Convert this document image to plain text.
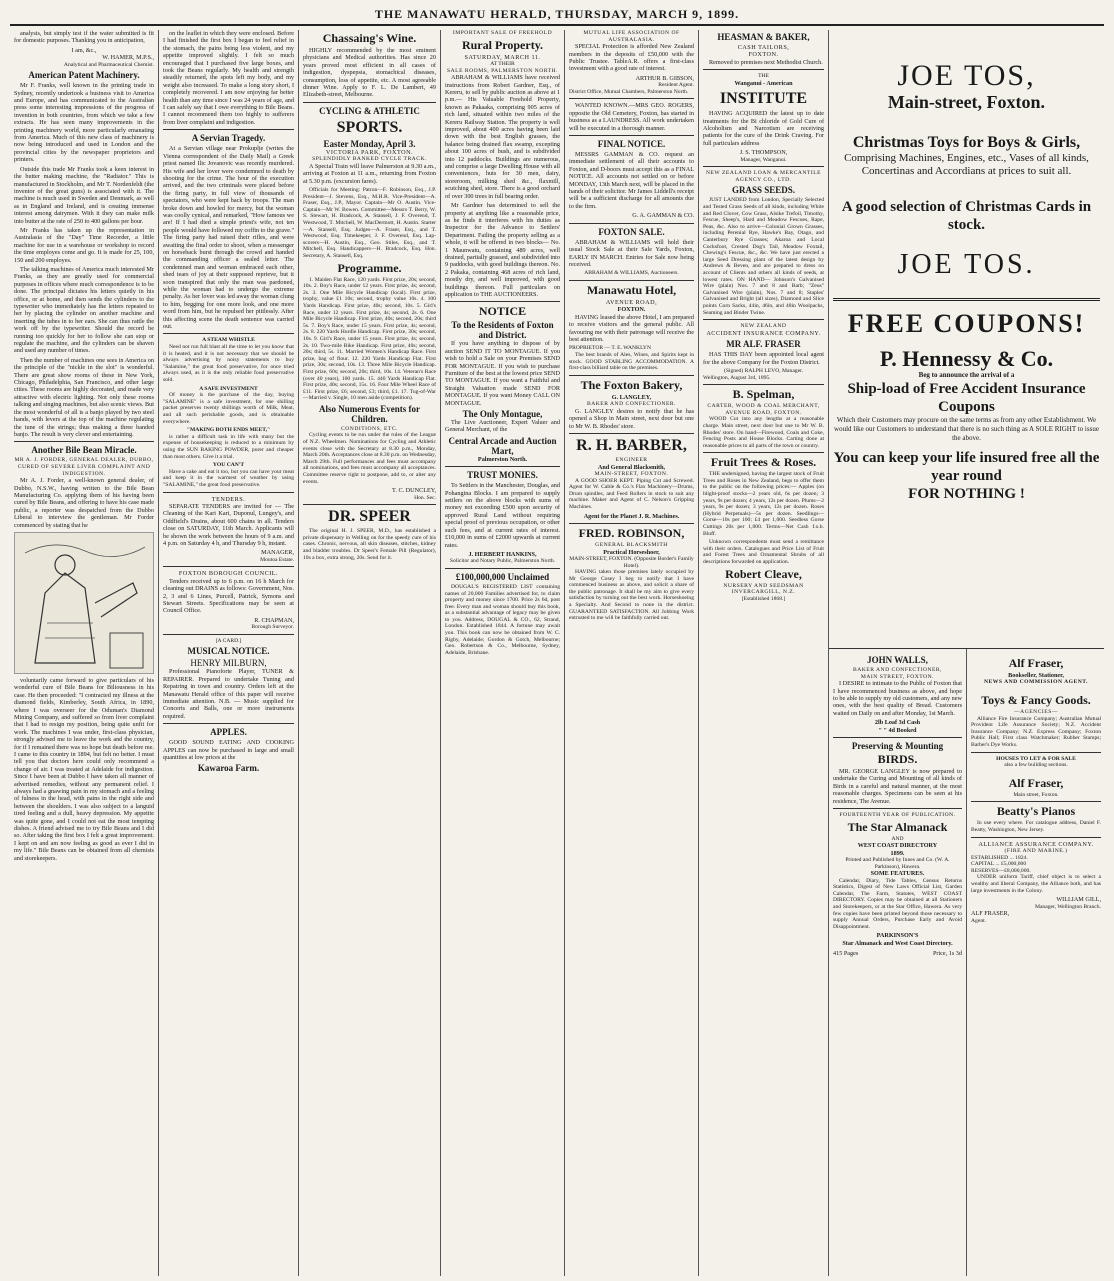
THE MANAWATU HERALD, THURSDAY, MARCH 9, 1899.

analysis, but simply test if the water submitted is fit for domestic purposes. Thanking you in anticipation,

I am, &c.,

W. HAMER, M.P.S.,

Analytical and Pharmaceutical Chemist.

American Patent Machinery.

Mr F. Franks, well known in the printing trade in Sydney, recently undertook a business visit to America and Europe, and has communicated to the Australian press some interesting impressions of the progress of invention in both countries, from which we take a few extracts. He has seen many improvements in the printing machinery world, more particularly emanating from America. Much of this new class of machinery is now being introduced and used in London and the provincial cities by the newspaper proprietors and printers.

Outside this trade Mr Franks took a keen interest in the butter making machine, the "Radiator." This is manufactured in Stockholm, and Mr T. Nordenfeldt (the inventor of the great guns) is associated with it. The machine is much used in Sweden and Denmark, as well as in England and Ireland, and is creating immense interest among dairymen. With it they can make milk into butter at the rate of 250 to 400 gallons per hour.

Mr Franks has taken up the representation in Australasia of the "Day" Time Recorder, a little machine for use in a warehouse or workshop to record the time employes come and go. It is made for 25, 100, 150 and 200 employes.

The talking machines of America much interested Mr Franks, as they are greatly used for commercial purposes in offices where much correspondence is to be done. The principal dictates his letters quietly in his office, or at home, and then sends the cylinders to the typewriter who immediately has the letters repeated to her by placing the cylinder on another machine and inserting the tubes in to her ears. She can thus rattle the work off by the typewriter. Should the record be running too quickly for her to follow she can stop or regulate the machine, and the cylinders can be shaven and used any number of times.

Then the number of machines one sees in America on the principle of the "nickle in the slot" is wonderful. There are great show rooms of these in New York, Chicago, Philadelphia, San Francisco, and other large cities. These rooms are highly decorated, and made very attractive with electric lighting. Not only these rooms talking and singing machines, but also scenic views. But the most wonderful of all is a banjo played by two steel hands, with levers at the top of the machine regulating the tune of the strings; thus making a three banded banjo. The result is very clever and entertaining.

Another Bile Bean Miracle.

MR A. J. FORDER, GENERAL DEALER, DUBBO, CURED OF SEVERE LIVER COMPLAINT AND INDIGESTION.

Mr A. J. Forder, a well-known general dealer, of Dubbo, N.S.W., having written to the Bile Bean Manufacturing Co. applying them of his having been cured by Bile Beans, and offering to have his case made public, a reporter was despatched from the Dubbo Liberal to interview the gentleman. Mr Forder commenced by stating that he

voluntarily came forward to give particulars of his wonderful cure of Bile Beans for Biliousness in his case. He then proceeded: "I contracted my illness at the diamond fields, Kimberley, South Africa, in 1890, where I was overseer for the Oduman's Diamond Mining Company, and suffered so from liver complaint that I had to resign my position, being quite unfit for work. The machines I was under, first-class physician, strongly advised me to leave the work and the country, for if I remained there was no hope but death before me. I came to this country in 1894, but felt no better. I must tell you that doctors here could only recommend a change of air. I was treated at Adelaide for indigestion. Since I have been at Dubbo I have taken all manner of advertised remedies, without any permanent relief. I always had a gnawing pain in my stomach and a feeling of fulness in the head, with pains in the right side and between the shoulders. I was also subject to a languid tired feeling and a dull, heavy depression. My appetite was quite gone, and I could not eat the most tempting dishes. A friend advised me to try Bile Beans and I did so. After taking the first box I felt a great improvement. I kept on and am now feeling as good as ever I did in my life." Bile Beans can be obtained from all chemists and storekeepers.

on the leaflet in which they were enclosed. Before I had finished the first box I began to feel relief in the stomach, the pains being less violent, and my appetite improved slightly. I felt so much encouraged that I purchased five large boxes, and took the Beans regularly. My health and strength steadily returned, the spots left my body, and my weight also increased. To make a long story short, I completely recovered. I am now enjoying far better health than any time since I was 24 years of age, and I can safely say that I owe everything to Bile Beans. I cannot recommend them too highly to sufferers from liver complaint and indigestion.

A Servian Tragedy.

At a Servian village near Prokuplje (writes the Vienna correspondent of the Daily Mail) a Greek priest named Ilic Jovanovic was recently murdered. His wife and her lover were condemned to death by shooting for the crime. The hour of the execution arrived, and the two criminals were placed before the firing party, in full view of thousands of spectators, who were kept back by troops. The man broke down and howled for mercy, but the woman was coolly cynical, and remarked, "How famous we are! If I had died a simple priest's wife, not ten people would have followed my coffin to the grave." The firing party had raised their rifles, and were awaiting the final order to shoot, when a messenger on horseback burst through the crowd and handed the commanding officer a sealed letter. The condemned man and woman embraced each other, shed tears of joy at their supposed reprieve, but it soon transpired that only the man was pardoned, while the woman had to undergo the extreme penalty. As her lover was led away the woman clung to him, begging for one more look, and one more word from him, but he repulsed her pitilessly. After this affecting scene the death sentence was carried out.

A STEAM WHISTLE

Need not run full blast all the time to let you know that it is heated, and it is not necessary that we should be always advertising by noisy statements to buy "Salamine," the great food preservative, for once tried always used, as it is the only reliable food preservative sold.

A SAFE INVESTMENT

Of money is the purchase of the day, buying "SALAMINE" is a safe investment, for one shilling packet preserves twenty shillings worth of Milk, Meat, and all such perishable goods, and is obtainable everywhere.

"MAKING BOTH ENDS MEET,"

is rather a difficult task in life with many but the expense of housekeeping is reduced to a minimum by using the SUN BAKING POWDER, purer and cheaper than most others. Give it a trial.

YOU CAN'T

Have a cake and eat it too, but you can have your meat and keep it in the warmest of weather by using "SALAMINE," the great food preservative.

TENDERS.

SEPARATE TENDERS are invited for — The Cleaning of the Kari Kari, Duponul, Lungey's, and Oddfield's Drains, about 600 chains in all. Tenders close on SATURDAY, 11th March. Applicants will be shown the work between the hours of 9 a.m. and 4 p.m. on Saturday 4 h, and Thursday 9 h, instant.

MANAGER,

Moutoa Estate.

FOXTON BOROUGH COUNCIL.

Tenders received up to 6 p.m. on 16 h March for cleaning out DRAINS as follows: Government, Nos. 2, 3 and 6 Lines, Purcell, Patrick, Symons and Stewart Streets. Specifications may be seen at Council Office.

R. CHAPMAN,

Borough Surveyor.

[A CARD.]

MUSICAL NOTICE.

HENRY MILBURN,

Professional Pianoforte Player, TUNER & REPAIRER. Prepared to undertake Tuning and Repairing in town and country. Orders left at the Manawatu Herald office of this paper will receive immediate attention. N.B. — Music supplied for Concerts and Balls, one or more instruments required.

APPLES.

GOOD SOUND EATING AND COOKING APPLES can now be purchased in large and small quantities at low prices at the

Kawaroa Farm.

Chassaing's Wine.

HIGHLY recommended by the most eminent physicians and Medical authorities. Has since 20 years proved most efficient in all cases of indigestion, dyspepsia, stomachical diseases, consumption, loss of appetite, etc. A most agreeable dinner Wine. Apply to F. L. De Lambert, 49 Elizabeth-street, Melbourne.

CYCLING & ATHLETIC
SPORTS.

Easter Monday, April 3.

VICTORIA PARK, FOXTON.

SPLENDIDLY BANKED CYCLE TRACK.

A Special Train will leave Palmerston at 9.30 a.m., arriving at Foxton at 11 a.m., returning from Foxton at 5.30 p.m. (excursion fares).

Officials for Meeting: Patron—F. Robinson, Esq., J.P. President—J. Stevens, Esq., M.H.R. Vice-President—A. Fraser, Esq., J.P., Mayor. Captain—Mr O. Austin. Vice-Captain—Mr W. Bowen. Committee—Messrs T. Berry, W. S. Stewart, H. Bradcock, A. Stansell, J. F. Overend, T. Westwood, T. Mitchell, W. MacDermott, H. Austin. Starter—A. Stansell, Esq. Judges—A. Fraser, Esq., and T. Westwood, Esq. Timekeeper, J. F. Overend, Esq. Lap-scorers—H. Austin, Esq., Geo. Stiles, Esq., and T. Mitchell, Esq. Handicappers—H. Bradcock, Esq. Hon. Secretary, A. Stansell, Esq.

Programme.

1. Maiden Flat Race, 120 yards. First prize, 20s; second, 10s. 2. Boy's Race, under 12 years. First prize, 4s; second, 2s. 3. One Mile Bicycle Handicap (local). First prize, trophy, value £1 10s; second, trophy value 10s. 4. 100 Yards Handicap. First prize, 40s; second, 10s. 5. Girl's Race, under 12 years. First prize, 4s; second, 2s. 6. One Mile Bicycle Handicap. First prize, 40s; second, 20s; third 5s. 7. Boy's Race, under 15 years. First prize, 4s; second, 2s. 8. 220 Yards Hurdle Handicap. First prize, 30s; second, 10s. 9. Girl's Race, under 15 years. First prize, 4s; second, 2s. 10. Two-mile Bike Handicap. First prize, 40s; second, 20s; third, 5s. 11. Married Women's Handicap Race. First prize, bag of flour. 12. 220 Yards Handicap Flat. First prize, 30s; second, 10s. 13. Three Mile Bicycle Handicap. First prize, 60s; second, 20s; third, 10s. 14. Veteran's Race (over 40 years), 100 yards. 15. 440 Yards Handicap Flat. First prize, 40s; second, 15s. 16. Four Mile Wheel Race of £11. First prize, £6; second, £3; third, £1. 17. Tug-of-War—Married v. Single, 10 men aside (competition).

Also Numerous Events for Children.

CONDITIONS, ETC.

Cycling events to be run under the rules of the League of N.Z. Wheelmen. Nominations for Cycling and Athletic events close with the Secretary at 8.30 p.m., Monday, March 20th. Acceptances close at 8.30 p.m. on Wednesday, March 29th. Full performances and fees must accompany all nominations, and fees must accompany all acceptances. Committee reserve right to postpone, add to, or alter any events.

T. C. DUNCLEY,

Hon. Sec.

DR. SPEER

The original H. J. SPEER, M.D., has established a private dispensary in Welling on for the speedy cure of his cases. Chronic, nervous, all skin diseases, stitches, kidney and bladder troubles. Dr Speer's Female Pill (Regulator), 10s a box, extra strong, 20s. Send for it.

IMPORTANT SALE OF FREEHOLD

Rural Property.

SATURDAY, MARCH 11.

AT THEIR

SALE ROOMS, PALMERSTON NORTH.

ABRAHAM & WILLIAMS have received instructions from Robert Gardner, Esq., of Kereru, to sell by public auction as above at 1 p.m.— His Valuable Freehold Property, known as Pakaaka, comprising 905 acres of rich land, situated within two miles of the Kereru Railway Station. The property is well improved, about 400 acres having been laid down with the best English grasses, the balance being drained flax swamp, excepting about 100 acres of bush, and is subdivided into 12 paddocks. Buildings are numerous, and comprise a large Dwelling House with all conveniences, huts for 30 men, dairy, storeroom, milking shed &c., flaxmill, scutching shed, store. There is a good orchard of over 300 trees in full bearing order.

Mr Gardner has determined to sell the property at anything like a reasonable price, as he finds it interferes with his duties as Inspector for the Advance to Settlers' Department. Failing the property selling as a whole, it will be offered in two blocks— No. 1 Maunwatu, containing 489 acres, well drained, partially grassed, and subdivided into 9 paddocks, with good buildings thereon. No. 2 Pakaka, containing 468 acres of rich land, mostly dry, and well improved, with good buildings thereon. Full particulars on application to THE AUCTIONEERS.

NOTICE

To the Residents of Foxton and District.

If you have anything to dispose of by auction SEND IT TO MONTAGUE. If you wish to hold a Sale on your Premises SEND FOR MONTAGUE. If you wish to purchase Furniture of the best at the lowest price SEND TO MONTAGUE. If you want a Faithful and Straight Valuation made SEND FOR MONTAGUE. If you want Money CALL ON MONTAGUE.

The Only Montague,

The Live Auctioneer, Expert Valuer and General Merchant, of the

Central Arcade and Auction Mart,

Palmerston North.

TRUST MONIES.

To Settlers in the Manchester, Douglas, and Pohangina Blocks. I am prepared to supply settlers on the above blocks with sums of money not exceeding £500 upon security of approved Rural Land without requiring special proof of previous occupation, or other such fees, and at current rates of interest. £10,000 in sums of £2000 upwards at current rates.

J. HERBERT HANKINS,

Solicitor and Notary Public, Palmerston North.

£100,000,000 Unclaimed

DOUGAL'S REGISTERED LIST containing names of 20,000 Families advertised for, to claim property and money since 1700. Price 2s 6d, post free. Every man and woman should buy this book, as a substantial advantage of legacy may be given to you. Address, DOUGAL & CO., 62, Strand, London. Established 1844. A fortune may await you. This book can now be obtained from W. C. Rigby, Adelaide; Gordon & Gotch, Melbourne; Geo. Robertson & Co., Melbourne, Sydney, Adelaide, Brisbane.

MUTUAL LIFE ASSOCIATION OF AUSTRALASIA.

SPECIAL Protection is afforded New Zealand members in the deposits of £50,000 with the Public Trustee. TableA.R. offers a first-class investment with a good rate of interest.

ARTHUR B. GIBSON,

Resident Agent.

District Office, Mutual Chambers, Palmerston North.

WANTED KNOWN.—MRS GEO. ROGERS, opposite the Old Cemetery, Foxton, has started in business as a LAUNDRESS. All work undertaken will be executed in a thorough manner.

FINAL NOTICE.

MESSRS GAMMAN & CO. request an immediate settlement of all their accounts to Foxton, and D-boors must accept this as a FINAL NOTICE. All accounts not settled on or before MONDAY, 13th March next, will be placed in the hands of their solicitor. Mr James Liddell's receipt will be a sufficient discharge for all amounts due to the firm.

G. A. GAMMAN & CO.

FOXTON SALE.

ABRAHAM & WILLIAMS will hold their usual Stock Sale at their Sale Yards, Foxton, EARLY IN MARCH. Entries for Sale now being received.

ABRAHAM & WILLIAMS, Auctioneers.

Manawatu Hotel,

AVENUE ROAD,

FOXTON.

HAVING leased the above Hotel, I am prepared to receive visitors and the general public. All favouring me with their patronage will receive the best attention.

PROPRIETOR — T. E. WANKLYN

The best brands of Ales, Wines, and Spirits kept in stock. GOOD STABLING ACCOMMODATION. A first-class billiard table on the premises.

The Foxton Bakery,

G. LANGLEY,

BAKER AND CONFECTIONER.

G. LANGLEY desires to notify that he has opened a Shop in Main street, next door but one to Mr W. B. Rhodes' store.

R. H. BARBER,

ENGINEER

And General Blacksmith,

MAIN-STREET, FOXTON.

A GOOD SHOER KEPT. Piping Cut and Screwed. Agent for W. Cable & Co.'s Flax Machinery—Drums, Drum spindles, and Feed Rollers in stock to suit any machine. Maker and Agent of C. Nelson's Gripping Machines.

Agent for the Planet J. R. Machines.

FRED. ROBINSON,

GENERAL BLACKSMITH

Practical Horseshoer,

MAIN-STREET, FOXTON. (Opposite Border's Family Hotel).

HAVING taken those premises lately occupied by Mr George Cosey I beg to notify that I have commenced business as above, and solicit a share of the public patronage. It shall be my aim to give every satisfaction by turning out the best work. Horseshoeing a Specialty. And Second to none in the district. GUARANTEED SATISFACTION. All Jobbing Work entrusted to me will be faithfully carried out.

HEASMAN & BAKER,

CASH TAILORS,

FOXTON.

Removed to premises next Methodist Church.

THE

Wanganui - American

INSTITUTE

HAVING ACQUIRED the latest up to date treatments for the Bi chloride of Gold Cure of Alcoholism and Narcotism are receiving patients for the cure of the Drink Craving. For full particulars address

J. S. THOMPSON,

Manager, Wanganui.

NEW ZEALAND LOAN & MERCANTILE AGENCY CO., LTD.

GRASS SEEDS.

JUST LANDED from London, Specially Selected and Tested Grass Seeds of all kinds, including White and Red Clover, Cow Grass, Alsike Trefoil, Timothy, Fescue, Sheep's, Hard and Meadow Fescues, Rape, Peas, &c. Also to arrive—Colonial Grown Grasses, including Perenial Rye, Hawke's Bay, Otago, and Canterbury Rye Grasses; Akaroa and Local Cocksfoot, Crested Dog's Tail, Meadow Foxtail, Chewing's Fescue, &c., &c. We have just erected a large Seed Dressing plant of the latest design by Andrews & Beven, and are prepared to dress on account of Clients and others all kinds of seeds, at lowest rates. ON HAND— Johnson's Galvanised Wire (plain) Nos. 7 and 8 and Barb; "Zeus" Galvanised Wire (plain), Nos. 7 and 8; Staples' Galvanised and Bright (all sizes), Diamond and Slice points Corn Sacks, 44in, 46in, and 48in Woolpacks, Seaming and Binder Twine.

NEW ZEALAND

ACCIDENT INSURANCE COMPANY.

MR ALF. FRASER

HAS THIS DAY been appointed local agent for the above Company for the Foxton District.

(Signed) RALPH LEVO, Manager.

Wellington, August 3rd, 1895.

B. Spelman,

CARTER, WOOD & COAL MERCHANT,

AVENUE ROAD, FOXTON.

WOOD Cut into any lengths at a reasonable charge. Main street, next door but one to Mr W. B. Rhodes' store. On hand—Firewood, Coals and Coke, Fencing Posts and House Blocks. Carting done at reasonable prices to all parts of the town or country.

Fruit Trees & Roses.

THE undersigned, having the largest stock of Fruit Trees and Roses in New Zealand, begs to offer them to the public on the following prices:— Apples (on blight-proof stocks—2 years old, 6s per dozen; 3 years, 9s per dozen; 4 years, 12s per dozen. Plums—2 years, 9s per dozen; 3 years, 12s per dozen. Roses (Hybrid Perpetuals)—5s per dozen. Seedlings—Gorse—10s per 100; £4 per 1,000. Seedless Gorse Cuttings 20s per 1,000. Terms—Net Cash f.o.b. Bluff.

Unknown correspondents must send a remittance with their orders. Catalogues and Price List of Fruit and Forest Trees and Ornamental Shrubs of all descriptions forwarded on application.

Robert Cleave,

NURSERY AND SEEDSMAN

INVERCARGILL, N.Z.

[Established 1868.]

JOE TOS,
Main-street, Foxton.
Christmas Toys for Boys & Girls,

Comprising Machines, Engines, etc., Vases of all kinds, Concertinas and Accordians at prices to suit all.

A good selection of Christmas Cards in stock.
JOE TOS.
FREE COUPONS!
P. Hennessy & Co.

Beg to announce the arrival of a

Ship-load of Free Accident Insurance Coupons

Which their Customers may procure on the same terms as from any other Establishment. We would like our Customers to understand that there is no such thing as A SOLE RIGHT to issue the above.

You can keep your life insured free all the year round
FOR NOTHING !
JOHN WALLS,

BAKER AND CONFECTIONER,

MAIN STREET, FOXTON.

I DESIRE to intimate to the Public of Foxton that I have recommenced business as above, and hope to be able to supply my old customers, and any new ones, with the best quality of Bread. Customers waited on Daily on and after Monday, 1st March.

2lb Loaf 3d Cash

" " 4d Booked

Preserving & Mounting
BIRDS.

MR. GEORGE LANGLEY is now prepared to undertake the Curing and Mounting of all kinds of Birds in a careful and natural manner, at the most reasonable charges. Specimens can be seen at his residence, The Avenue.

FOURTEENTH YEAR OF PUBLICATION.

The Star Almanack

AND

WEST COAST DIRECTORY

1899.

Printed and Published by Innes and Co. (W. A. Parkinson), Hawera.

SOME FEATURES.

Calendar, Diary, Tide Tables, Census Returns Statistics, Digest of New Laws Official List, Garden Calendar, The Farm, Statutes, WEST COAST DIRECTORY. Copies may be obtained at all Stationers and Storekeepers, or at the Star Office, Hawera. As very few copies have been printed beyond those necessary to supply Annual Orders, Purchase Early and Avoid Disappointment.

PARKINSON'S

Star Almanack and West Coast Directory.

415 Pages	Price, 1s 3d
Alf Fraser,

Bookseller, Stationer,

NEWS AND COMMISSION AGENT.

Toys & Fancy Goods.

—AGENCIES—

Alliance Fire Insurance Company; Australian Mutual Provident Life Assurance Society; N.Z. Accident Insurance Company; N.Z. Express Company; Foxton Public Hall; First class Watchmaker; Rubber Stamps; Barber's Dye Works.

HOUSES TO LET & FOR SALE

also a few building sections.

Alf Fraser,

Main street, Foxton.

Beatty's Pianos

In use every where. For catalogue address, Daniel F. Beatty, Washington, New Jersey.

ALLIANCE ASSURANCE COMPANY.

(FIRE AND MARINE.)

ESTABLISHED ... 1824.

CAPITAL ... £5,000,000

RESERVES—£8,000,000.

UNDER uniform Tariff, chief object is to select a wealthy and liberal Company, the Alliance both, and has large investments in the Colony.

WILLIAM GILL,

Manager, Wellington Branch.

ALF FRASER,

Agent.
